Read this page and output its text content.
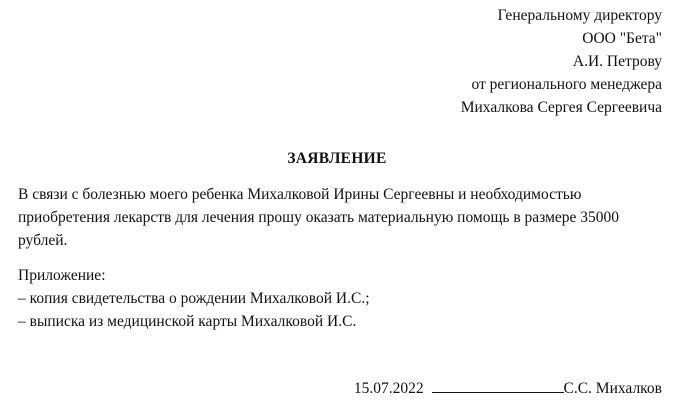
Генеральному директору
ООО "Бета"
А.И. Петрову
от регионального менеджера
Михалкова Сергея Сергеевича
ЗАЯВЛЕНИЕ
В связи с болезнью моего ребенка Михалковой Ирины Сергеевны и необходимостью
приобретения лекарств для лечения прошу оказать материальную помощь в размере 35000
рублей.
Приложение:
– копия свидетельства о рождении Михалковой И.С.;
– выписка из медицинской карты Михалковой И.С.
15.07.2022	С.С. Михалков
